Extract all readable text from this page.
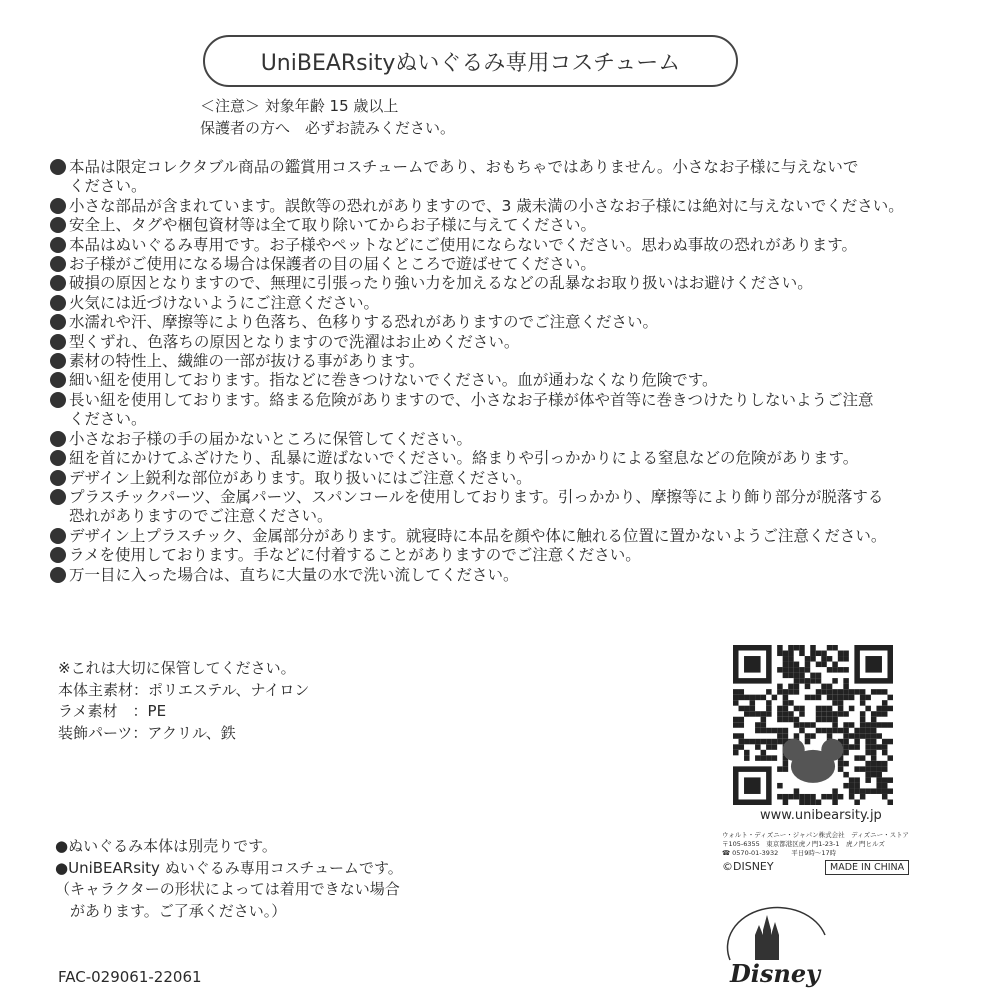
UniBEARsityぬいぐるみ専用コスチューム
＜注意＞ 対象年齢 15 歳以上
保護者の方へ　必ずお読みください。
本品は限定コレクタブル商品の鑑賞用コスチュームであり、おもちゃではありません。小さなお子様に与えないで
ください。
小さな部品が含まれています。誤飲等の恐れがありますので、3 歳未満の小さなお子様には絶対に与えないでください。
安全上、タグや梱包資材等は全て取り除いてからお子様に与えてください。
本品はぬいぐるみ専用です。お子様やペットなどにご使用にならないでください。思わぬ事故の恐れがあります。
お子様がご使用になる場合は保護者の目の届くところで遊ばせてください。
破損の原因となりますので、無理に引張ったり強い力を加えるなどの乱暴なお取り扱いはお避けください。
火気には近づけないようにご注意ください。
水濡れや汗、摩擦等により色落ち、色移りする恐れがありますのでご注意ください。
型くずれ、色落ちの原因となりますので洗濯はお止めください。
素材の特性上、繊維の一部が抜ける事があります。
細い紐を使用しております。指などに巻きつけないでください。血が通わなくなり危険です。
長い紐を使用しております。絡まる危険がありますので、小さなお子様が体や首等に巻きつけたりしないようご注意
ください。
小さなお子様の手の届かないところに保管してください。
紐を首にかけてふざけたり、乱暴に遊ばないでください。絡まりや引っかかりによる窒息などの危険があります。
デザイン上鋭利な部位があります。取り扱いにはご注意ください。
プラスチックパーツ、金属パーツ、スパンコールを使用しております。引っかかり、摩擦等により飾り部分が脱落する
恐れがありますのでご注意ください。
デザイン上プラスチック、金属部分があります。就寝時に本品を顔や体に触れる位置に置かないようご注意ください。
ラメを使用しております。手などに付着することがありますのでご注意ください。
万一目に入った場合は、直ちに大量の水で洗い流してください。
※これは大切に保管してください。
本体主素材：ポリエステル、ナイロン
ラメ素材　：PE
装飾パーツ：アクリル、鉄
●ぬいぐるみ本体は別売りです。
●UniBEARsity ぬいぐるみ専用コスチュームです。
（キャラクターの形状によっては着用できない場合
　があります。ご了承ください。）
FAC-029061-22061
www.unibearsity.jp
ウォルト・ディズニー・ジャパン株式会社　ディズニー・ストア
〒105-6355　東京都港区虎ノ門1-23-1　虎ノ門ヒルズ
☎ 0570-01-3932　　平日9時～17時
©DISNEY	MADE IN CHINA
Disney
